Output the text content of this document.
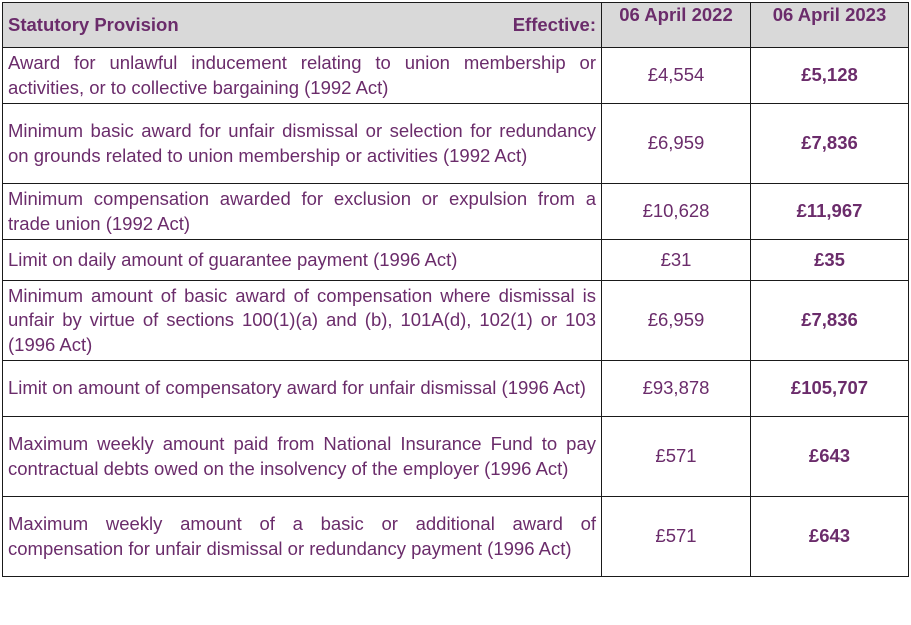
Statutory Provision Effective:	06 April 2022	06 April 2023
Award for unlawful inducement relating to union membership or activities, or to collective bargaining (1992 Act)	£4,554	£5,128
Minimum basic award for unfair dismissal or selection for redundancy on grounds related to union membership or activities (1992 Act)	£6,959	£7,836
Minimum compensation awarded for exclusion or expulsion from a trade union (1992 Act)	£10,628	£11,967
Limit on daily amount of guarantee payment (1996 Act)	£31	£35
Minimum amount of basic award of compensation where dismissal is unfair by virtue of sections 100(1)(a) and (b), 101A(d), 102(1) or 103 (1996 Act)	£6,959	£7,836
Limit on amount of compensatory award for unfair dismissal (1996 Act)	£93,878	£105,707
Maximum weekly amount paid from National Insurance Fund to pay contractual debts owed on the insolvency of the employer (1996 Act)	£571	£643
Maximum weekly amount of a basic or additional award of compensation for unfair dismissal or redundancy payment (1996 Act)	£571	£643
